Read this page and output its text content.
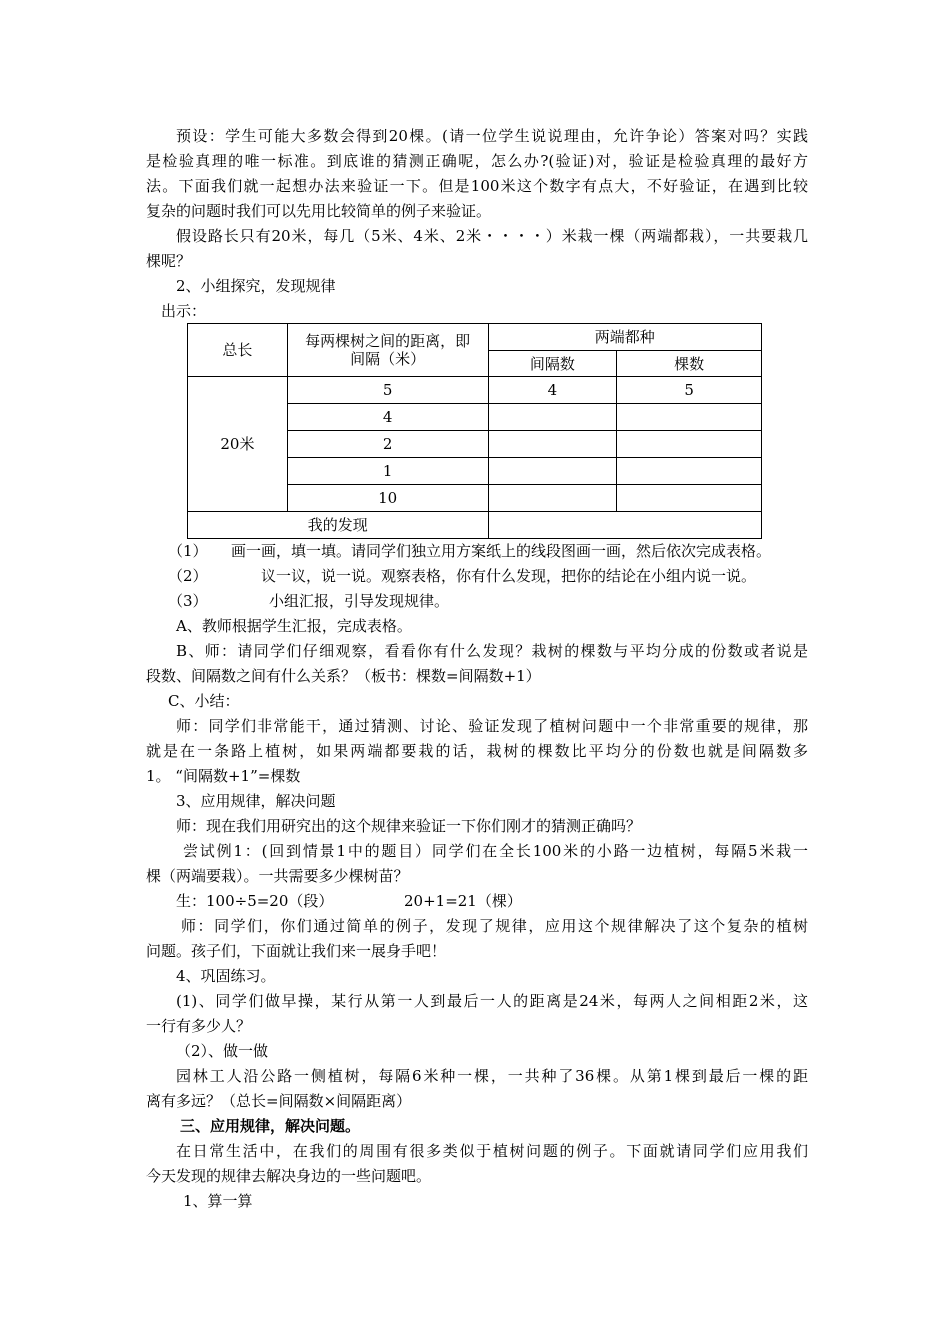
预设：学生可能大多数会得到20棵。(请一位学生说说理由，允许争论）答案对吗？实践
是检验真理的唯一标准。到底谁的猜测正确呢，怎么办?(验证)对，验证是检验真理的最好方
法。下面我们就一起想办法来验证一下。但是100米这个数字有点大，不好验证，在遇到比较
复杂的问题时我们可以先用比较简单的例子来验证。
假设路长只有20米，每几（5米、4米、2米・・・・）米栽一棵（两端都栽），一共要栽几
棵呢？
2、小组探究，发现规律
出示：
总长	每两棵树之间的距离，即
间隔（米）	两端都种	
		间隔数	棵数
20米	5	4	5
	4		
	2		
	1		
	10		
我的发现			
（1）	画一画，填一填。请同学们独立用方案纸上的线段图画一画，然后依次完成表格。
（2）	议一议，说一说。观察表格，你有什么发现，把你的结论在小组内说一说。
（3）	小组汇报，引导发现规律。
A、教师根据学生汇报，完成表格。
B、师：请同学们仔细观察，看看你有什么发现？栽树的棵数与平均分成的份数或者说是
段数、间隔数之间有什么关系？（板书：棵数=间隔数+1）
C、小结：
师：同学们非常能干，通过猜测、讨论、验证发现了植树问题中一个非常重要的规律，那
就是在一条路上植树，如果两端都要栽的话，栽树的棵数比平均分的份数也就是间隔数多
1。 “间隔数+1”=棵数
3、应用规律，解决问题
师：现在我们用研究出的这个规律来验证一下你们刚才的猜测正确吗？
尝试例1：(回到情景1中的题目）同学们在全长100米的小路一边植树，每隔5米栽一
棵（两端要栽）。一共需要多少棵树苗？
生：100÷5=20（段）	20+1=21（棵）
师：同学们，你们通过简单的例子，发现了规律，应用这个规律解决了这个复杂的植树
问题。孩子们，下面就让我们来一展身手吧！
4、巩固练习。
(1)、同学们做早操，某行从第一人到最后一人的距离是24米，每两人之间相距2米，这
一行有多少人？
（2）、做一做
园林工人沿公路一侧植树，每隔6米种一棵，一共种了36棵。从第1棵到最后一棵的距
离有多远？（总长=间隔数×间隔距离）
三、应用规律，解决问题。
在日常生活中，在我们的周围有很多类似于植树问题的例子。下面就请同学们应用我们
今天发现的规律去解决身边的一些问题吧。
1、算一算
